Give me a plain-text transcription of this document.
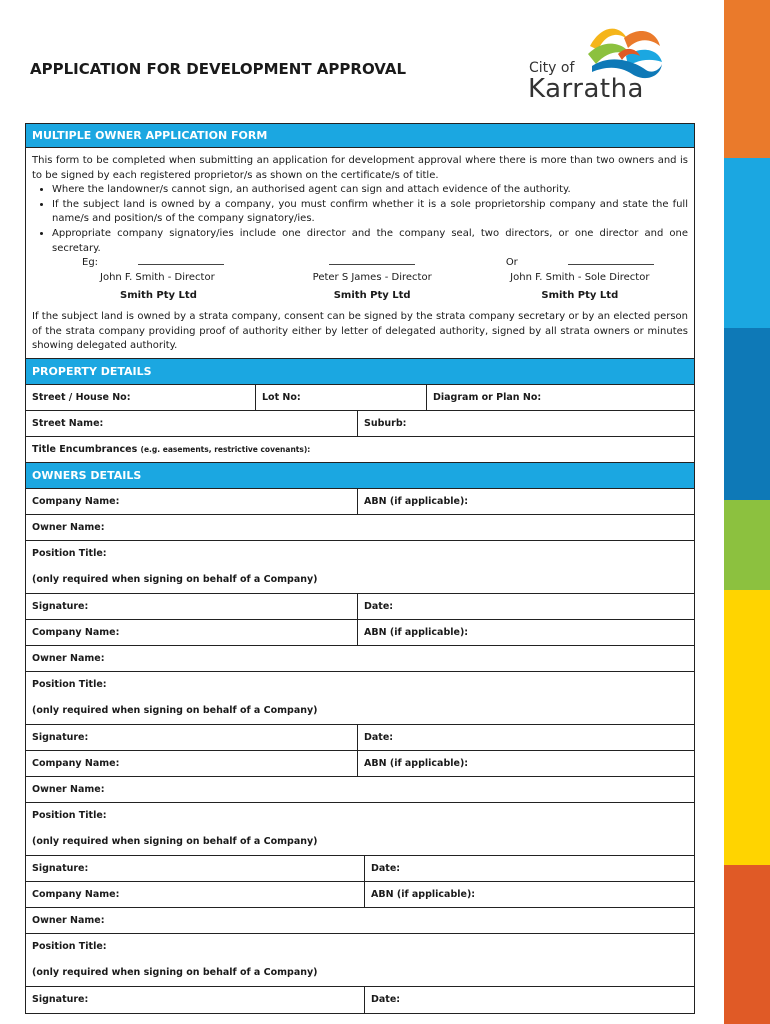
APPLICATION FOR DEVELOPMENT APPROVAL	City of
Karratha
MULTIPLE OWNER APPLICATION FORM

This form to be completed when submitting an application for development approval where there is more than two owners and is to be signed by each registered proprietor/s as shown on the certificate/s of title.

• Where the landowner/s cannot sign, an authorised agent can sign and attach evidence of the authority.
• If the subject land is owned by a company, you must confirm whether it is a sole proprietorship company and state the full name/s and position/s of the company signatory/ies.
• Appropriate company signatory/ies include one director and the company seal, two directors, or one director and one secretary.
Eg:
John F. Smith - Director
Smith Pty Ltd
Peter S James - Director
Smith Pty Ltd
Or
John F. Smith - Sole Director
Smith Pty Ltd

If the subject land is owned by a strata company, consent can be signed by the strata company secretary or by an elected person of the strata company providing proof of authority either by letter of delegated authority, signed by all strata owners or minutes showing delegated authority.

PROPERTY DETAILS
Street / House No:	Lot No:	Diagram or Plan No:
Street Name:	Suburb:
Title Encumbrances
(e.g. easements, restrictive covenants):
OWNERS DETAILS
Company Name:	ABN (if applicable):
Owner Name:
Position Title:
(only required when signing on behalf of a Company)
Signature:	Date:
Company Name:	ABN (if applicable):
Owner Name:
Position Title:
(only required when signing on behalf of a Company)
Signature:	Date:
Company Name:	ABN (if applicable):
Owner Name:
Position Title:
(only required when signing on behalf of a Company)
Signature:	Date:
Company Name:	ABN (if applicable):
Owner Name:
Position Title:
(only required when signing on behalf of a Company)
Signature:	Date:
